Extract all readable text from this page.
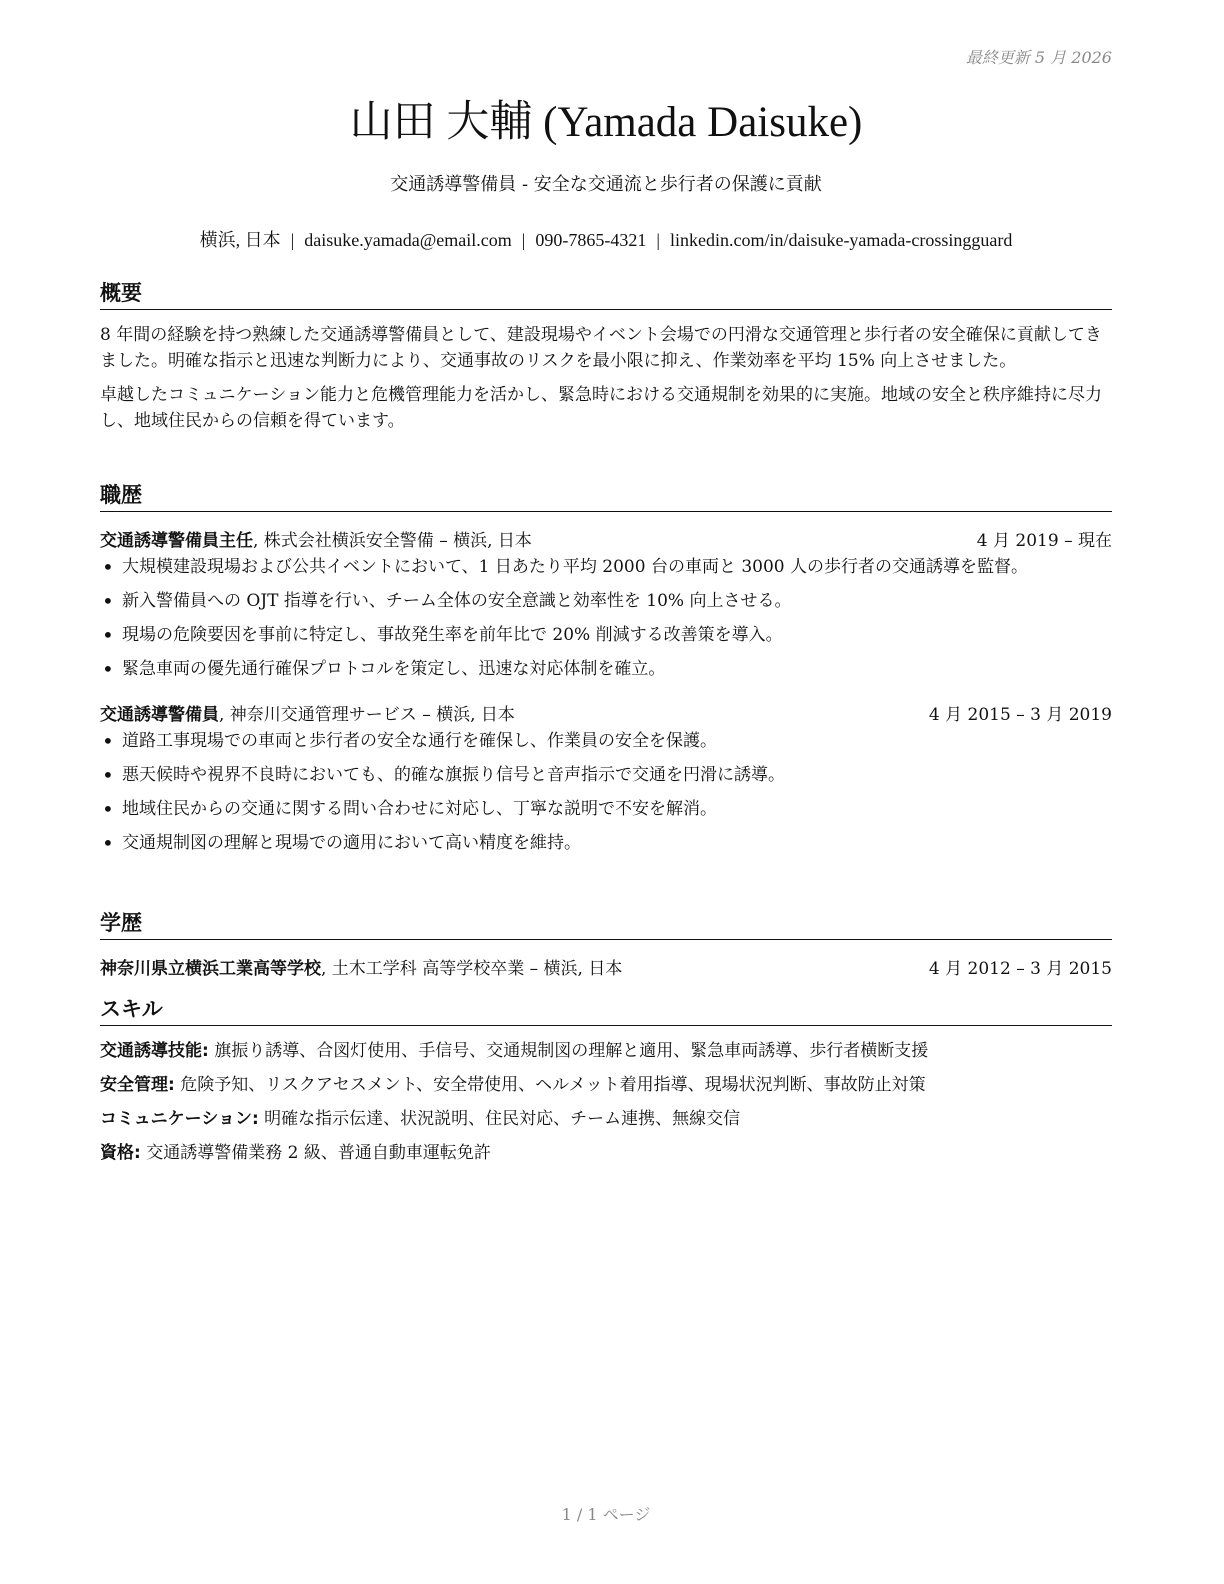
最終更新 5 月 2026
山田 大輔 (Yamada Daisuke)
交通誘導警備員 - 安全な交通流と歩行者の保護に貢献
横浜, 日本 | daisuke.yamada@email.com | 090-7865-4321 | linkedin.com/in/daisuke-yamada-crossingguard
概要

8 年間の経験を持つ熟練した交通誘導警備員として、建設現場やイベント会場での円滑な交通管理と歩行者の安全確保に貢献してきました。明確な指示と迅速な判断力により、交通事故のリスクを最小限に抑え、作業効率を平均 15% 向上させました。

卓越したコミュニケーション能力と危機管理能力を活かし、緊急時における交通規制を効果的に実施。地域の安全と秩序維持に尽力し、地域住民からの信頼を得ています。

職歴
交通誘導警備員主任, 株式会社横浜安全警備 – 横浜, 日本	4 月 2019 – 現在
• 大規模建設現場および公共イベントにおいて、1 日あたり平均 2000 台の車両と 3000 人の歩行者の交通誘導を監督。
• 新入警備員への OJT 指導を行い、チーム全体の安全意識と効率性を 10% 向上させる。
• 現場の危険要因を事前に特定し、事故発生率を前年比で 20% 削減する改善策を導入。
• 緊急車両の優先通行確保プロトコルを策定し、迅速な対応体制を確立。
交通誘導警備員, 神奈川交通管理サービス – 横浜, 日本	4 月 2015 – 3 月 2019
• 道路工事現場での車両と歩行者の安全な通行を確保し、作業員の安全を保護。
• 悪天候時や視界不良時においても、的確な旗振り信号と音声指示で交通を円滑に誘導。
• 地域住民からの交通に関する問い合わせに対応し、丁寧な説明で不安を解消。
• 交通規制図の理解と現場での適用において高い精度を維持。
学歴
神奈川県立横浜工業高等学校, 土木工学科 高等学校卒業 – 横浜, 日本	4 月 2012 – 3 月 2015
スキル
交通誘導技能: 旗振り誘導、合図灯使用、手信号、交通規制図の理解と適用、緊急車両誘導、歩行者横断支援
安全管理: 危険予知、リスクアセスメント、安全帯使用、ヘルメット着用指導、現場状況判断、事故防止対策
コミュニケーション: 明確な指示伝達、状況説明、住民対応、チーム連携、無線交信
資格: 交通誘導警備業務 2 級、普通自動車運転免許
1 / 1 ページ
